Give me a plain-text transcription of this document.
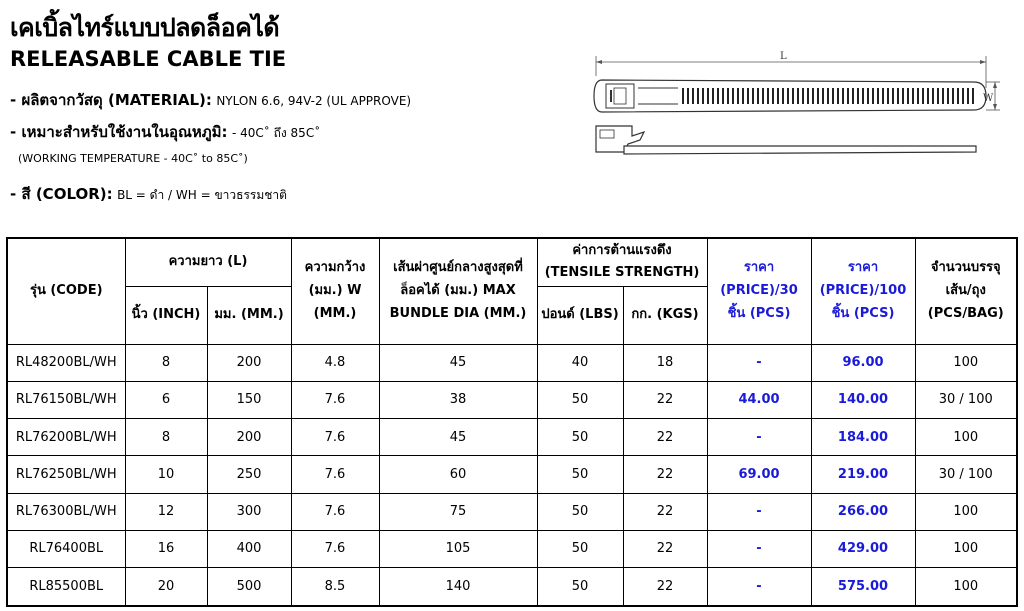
เคเบิ้ลไทร์แบบปลดล็อคได้
RELEASABLE CABLE TIE
- ผลิตจากวัสดุ (MATERIAL): NYLON 6.6, 94V-2 (UL APPROVE)
- เหมาะสำหรับใช้งานในอุณหภูมิ: - 40C˚ ถึง 85C˚
(WORKING TEMPERATURE - 40C˚ to 85C˚)
- สี (COLOR): BL = ดำ / WH = ขาวธรรมชาติ
L
W
รุ่น (CODE)	ความยาว (L)		ความกว้าง (มม.) W (MM.)	เส้นผ่าศูนย์กลางสูงสุดที่ล็อคได้ (มม.) MAX BUNDLE DIA (MM.)	ค่าการต้านแรงดึง (TENSILE STRENGTH)		ราคา (PRICE)/30 ชิ้น (PCS)	ราคา (PRICE)/100 ชิ้น (PCS)	จำนวนบรรจุ เส้น/ถุง (PCS/BAG)
	นิ้ว (INCH)	มม. (MM.)			ปอนด์ (LBS)	กก. (KGS)			
RL48200BL/WH	8	200	4.8	45	40	18	-	96.00	100
RL76150BL/WH	6	150	7.6	38	50	22	44.00	140.00	30 / 100
RL76200BL/WH	8	200	7.6	45	50	22	-	184.00	100
RL76250BL/WH	10	250	7.6	60	50	22	69.00	219.00	30 / 100
RL76300BL/WH	12	300	7.6	75	50	22	-	266.00	100
RL76400BL	16	400	7.6	105	50	22	-	429.00	100
RL85500BL	20	500	8.5	140	50	22	-	575.00	100
